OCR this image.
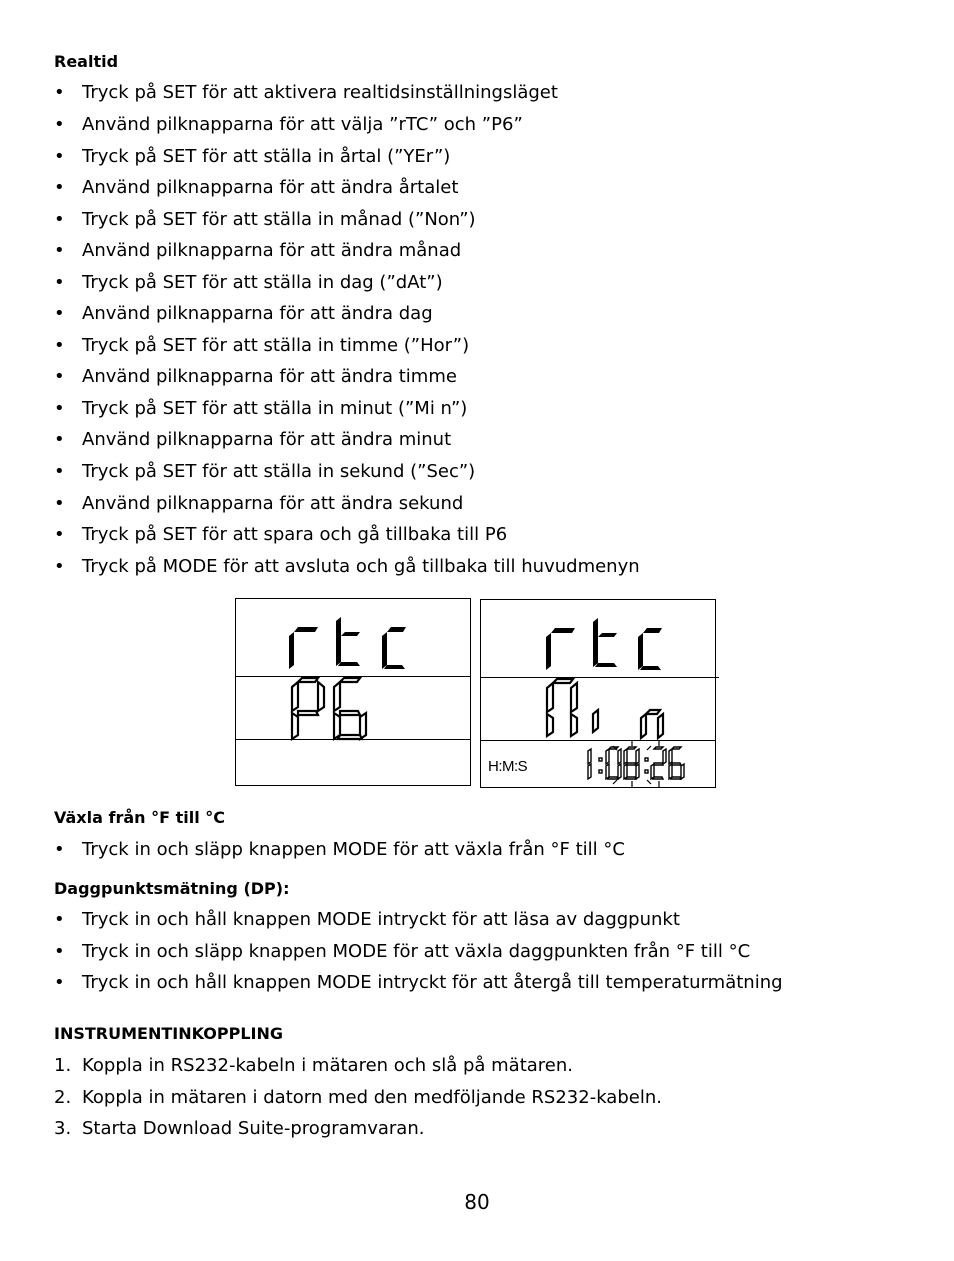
Realtid
• Tryck på SET för att aktivera realtidsinställningsläget
• Använd pilknapparna för att välja ”rTC” och ”P6”
• Tryck på SET för att ställa in årtal (”YEr”)
• Använd pilknapparna för att ändra årtalet
• Tryck på SET för att ställa in månad (”Non”)
• Använd pilknapparna för att ändra månad
• Tryck på SET för att ställa in dag (”dAt”)
• Använd pilknapparna för att ändra dag
• Tryck på SET för att ställa in timme (”Hor”)
• Använd pilknapparna för att ändra timme
• Tryck på SET för att ställa in minut (”Mi n”)
• Använd pilknapparna för att ändra minut
• Tryck på SET för att ställa in sekund (”Sec”)
• Använd pilknapparna för att ändra sekund
• Tryck på SET för att spara och gå tillbaka till P6
• Tryck på MODE för att avsluta och gå tillbaka till huvudmenyn
H:M:S
Växla från °F till °C
• Tryck in och släpp knappen MODE för att växla från °F till °C
Daggpunktsmätning (DP):
• Tryck in och håll knappen MODE intryckt för att läsa av daggpunkt
• Tryck in och släpp knappen MODE för att växla daggpunkten från °F till °C
• Tryck in och håll knappen MODE intryckt för att återgå till temperaturmätning
INSTRUMENTINKOPPLING
1. Koppla in RS232-kabeln i mätaren och slå på mätaren.
2. Koppla in mätaren i datorn med den medföljande RS232-kabeln.
3. Starta Download Suite-programvaran.
80
